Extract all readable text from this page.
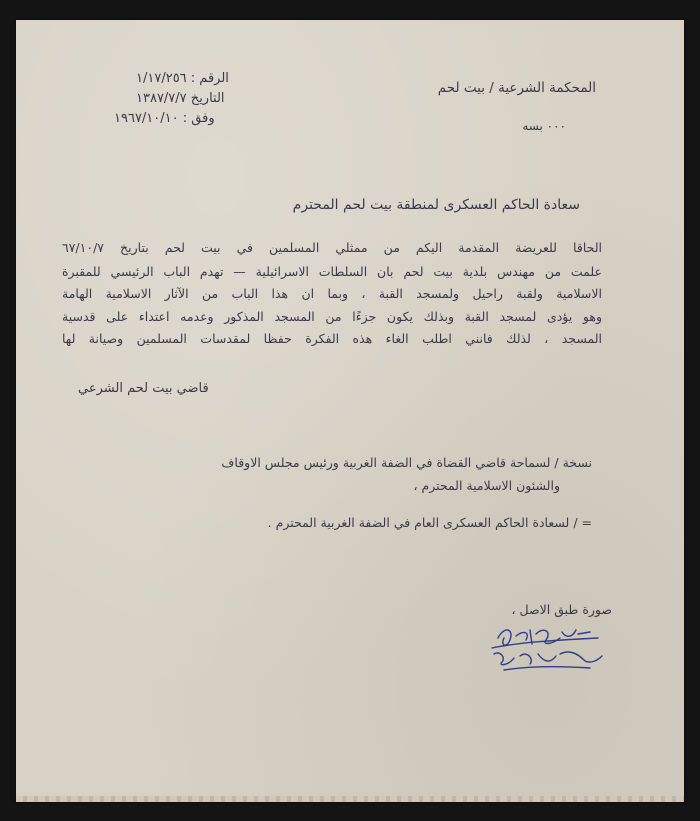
المحكمة الشرعية / بيت لحم
الرقم : ١/١٧/٢٥٦
التاريخ ١٣٨٧/٧/٧
وفق : ١٩٦٧/١٠/١٠	٠٠٠ بسه
سعادة الحاكم العسكرى لمنطقة بيت لحم المحترم
الحاقا للعريضة المقدمة اليكم من ممثلي المسلمين في بيت لحم بتاريخ ٦٧/١٠/٧
علمت من مهندس بلدية بيت لحم بان السلطات الاسرائيلية — تهدم الباب الرئيسي للمقبرة
الاسلامية ولقبة راحيل ولمسجد القبة ، وبما ان هذا الباب من الآثار الاسلامية الهامة
وهو يؤدى لمسجد القبة وبذلك يكون جزءًا من المسجد المذكور وعدمه اعتداء على قدسية
المسجد ، لذلك فانني اطلب الغاء هذه الفكرة حفظا لمقدسات المسلمين وصيانة لها
قاضي بيت لحم الشرعي
نسخة / لسماحة قاضي القضاة في الضفة الغربية ورئيس مجلس الاوقاف
والشئون الاسلامية المحترم ،
= / لسعادة الحاكم العسكرى العام في الضفة الغربية المحترم .
صورة طبق الاصل ،
